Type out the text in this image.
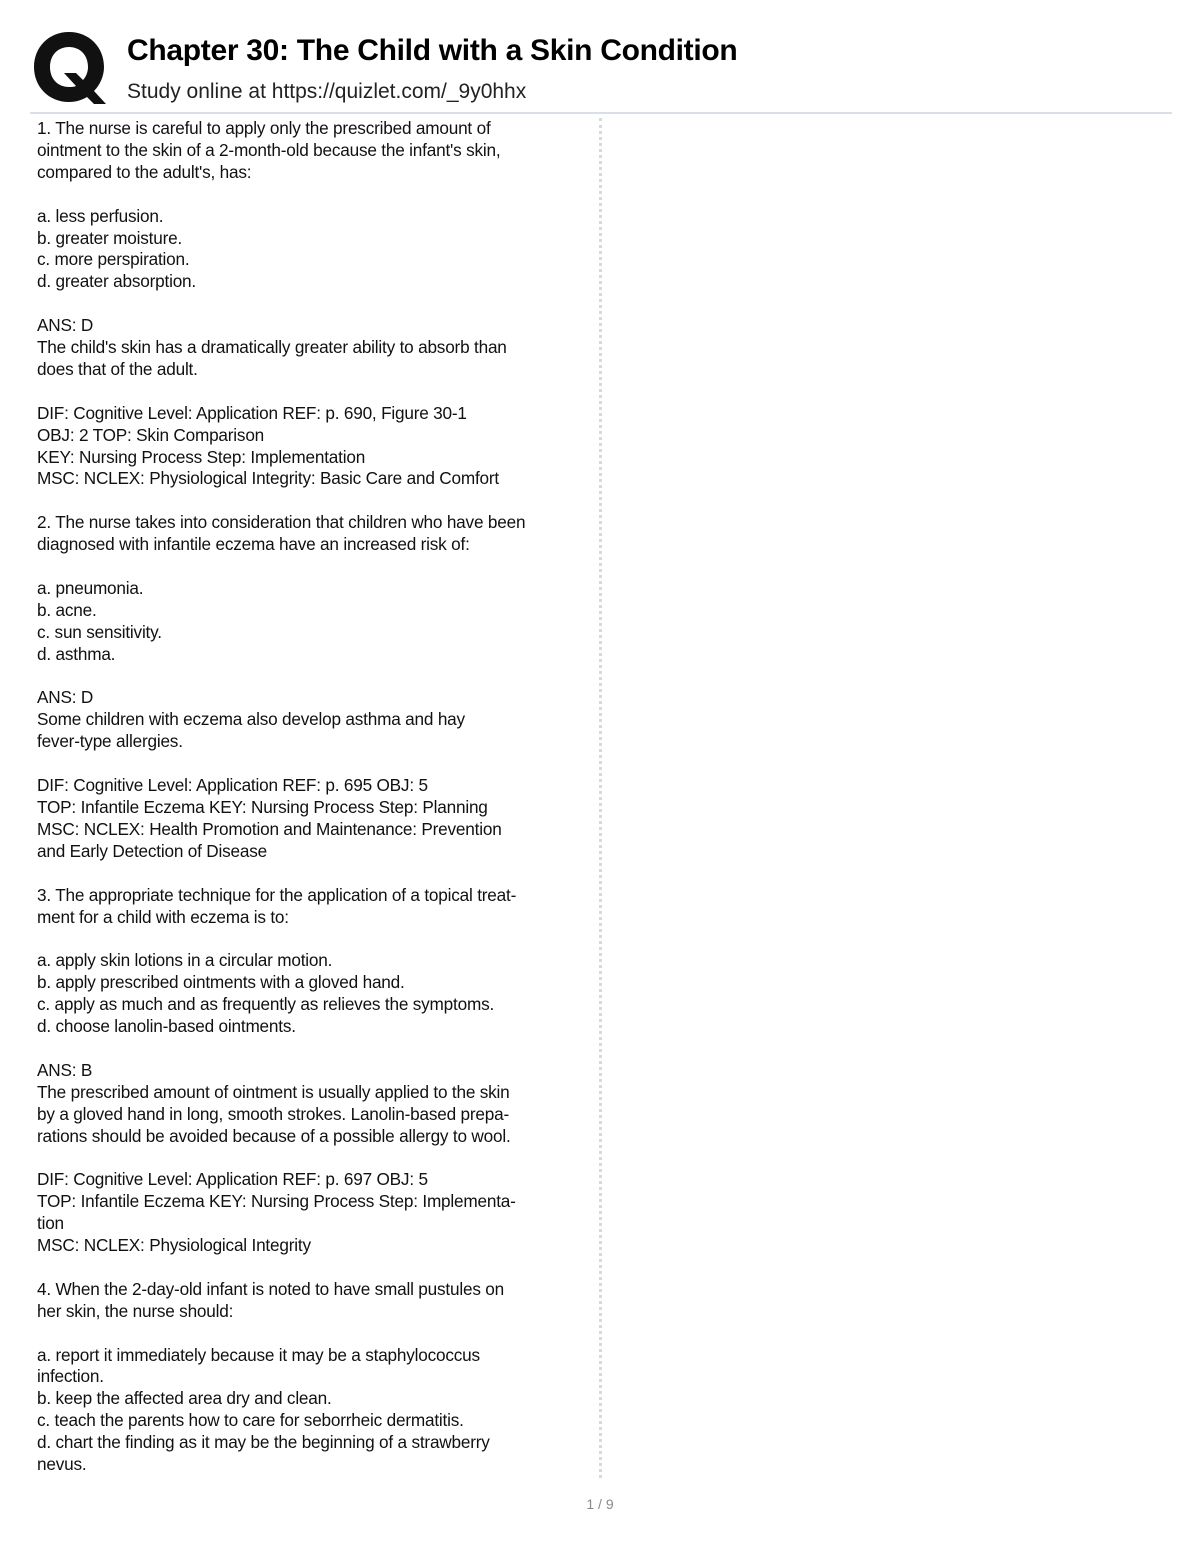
Chapter 30: The Child with a Skin Condition

Study online at https://quizlet.com/_9y0hhx

1. The nurse is careful to apply only the prescribed amount of
ointment to the skin of a 2-month-old because the infant's skin,
compared to the adult's, has:
a. less perfusion.
b. greater moisture.
c. more perspiration.
d. greater absorption.
ANS: D
The child's skin has a dramatically greater ability to absorb than
does that of the adult.
DIF: Cognitive Level: Application REF: p. 690, Figure 30-1
OBJ: 2 TOP: Skin Comparison
KEY: Nursing Process Step: Implementation
MSC: NCLEX: Physiological Integrity: Basic Care and Comfort
2. The nurse takes into consideration that children who have been
diagnosed with infantile eczema have an increased risk of:
a. pneumonia.
b. acne.
c. sun sensitivity.
d. asthma.
ANS: D
Some children with eczema also develop asthma and hay
fever-type allergies.
DIF: Cognitive Level: Application REF: p. 695 OBJ: 5
TOP: Infantile Eczema KEY: Nursing Process Step: Planning
MSC: NCLEX: Health Promotion and Maintenance: Prevention
and Early Detection of Disease
3. The appropriate technique for the application of a topical treat-
ment for a child with eczema is to:
a. apply skin lotions in a circular motion.
b. apply prescribed ointments with a gloved hand.
c. apply as much and as frequently as relieves the symptoms.
d. choose lanolin-based ointments.
ANS: B
The prescribed amount of ointment is usually applied to the skin
by a gloved hand in long, smooth strokes. Lanolin-based prepa-
rations should be avoided because of a possible allergy to wool.
DIF: Cognitive Level: Application REF: p. 697 OBJ: 5
TOP: Infantile Eczema KEY: Nursing Process Step: Implementa-
tion
MSC: NCLEX: Physiological Integrity
4. When the 2-day-old infant is noted to have small pustules on
her skin, the nurse should:
a. report it immediately because it may be a staphylococcus
infection.
b. keep the affected area dry and clean.
c. teach the parents how to care for seborrheic dermatitis.
d. chart the finding as it may be the beginning of a strawberry
nevus.
1 / 9
